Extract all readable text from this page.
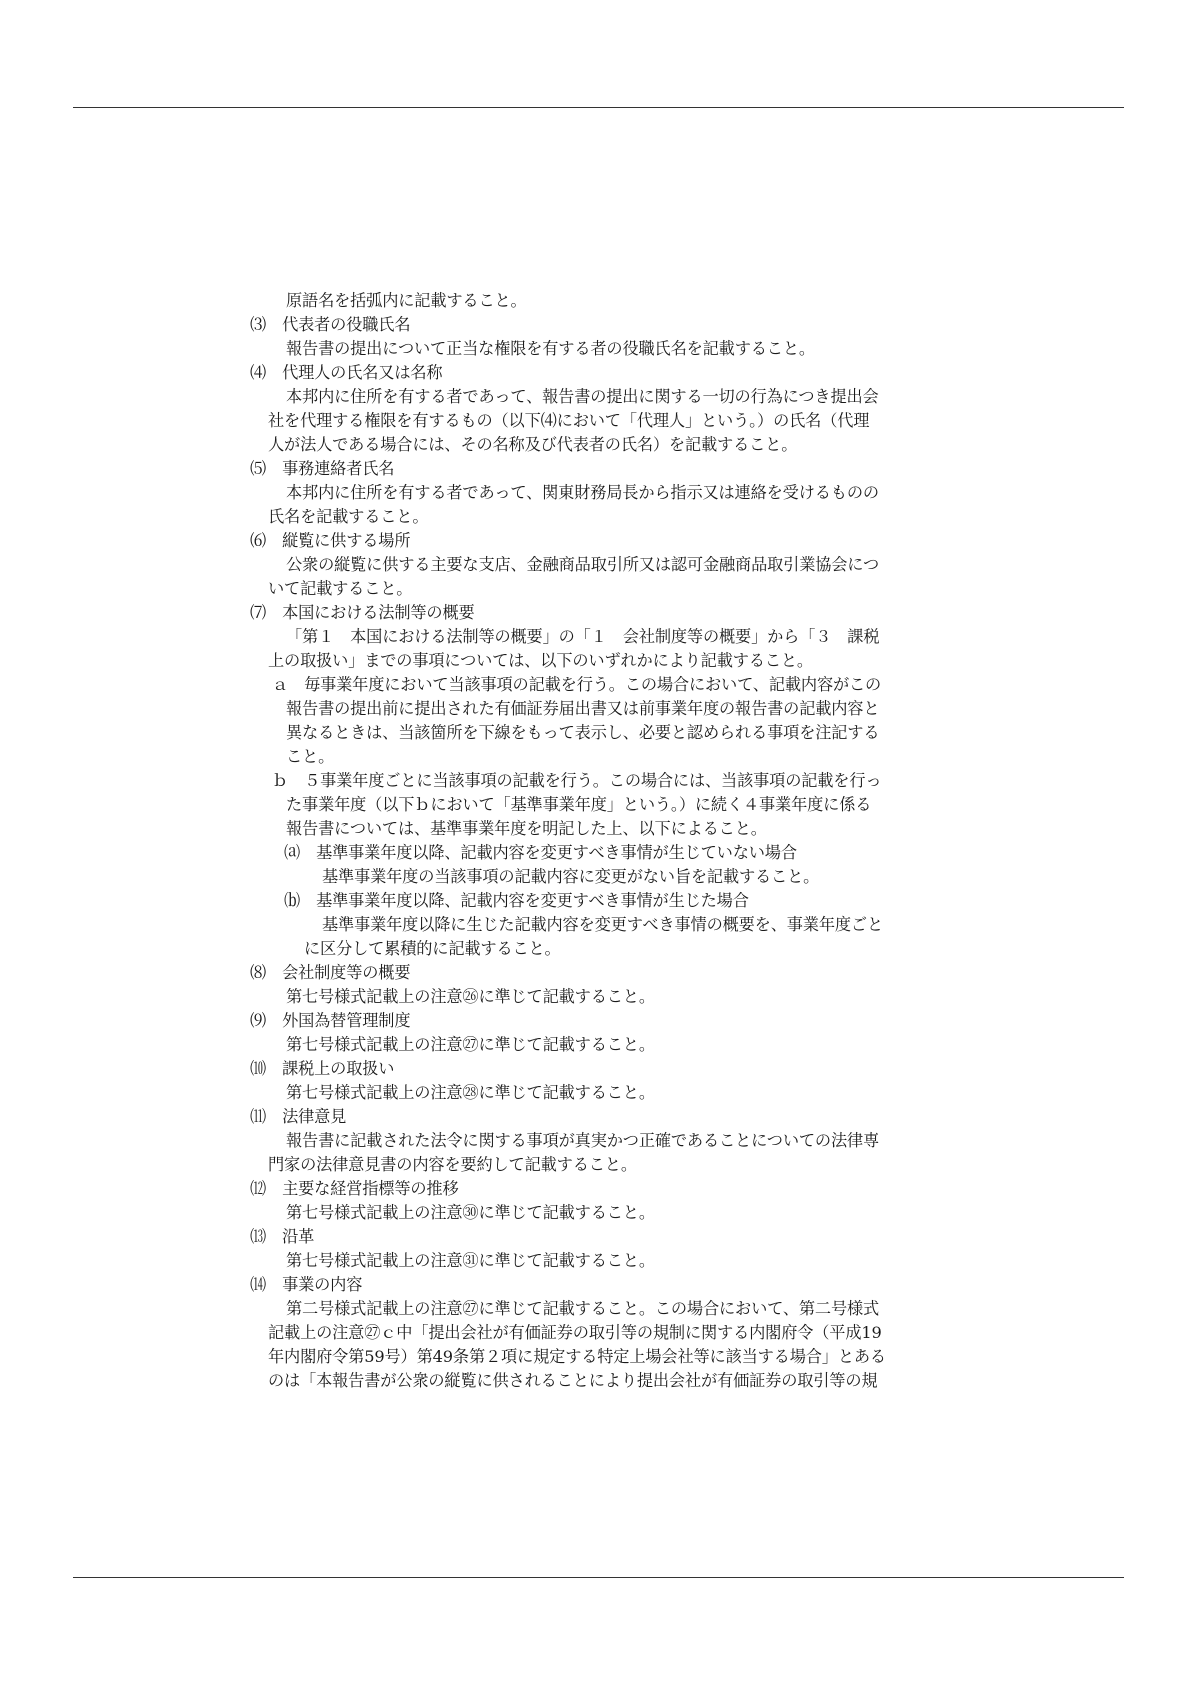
原語名を括弧内に記載すること。
⑶　代表者の役職氏名
報告書の提出について正当な権限を有する者の役職氏名を記載すること。
⑷　代理人の氏名又は名称
本邦内に住所を有する者であって、報告書の提出に関する一切の行為につき提出会
社を代理する権限を有するもの（以下⑷において「代理人」という。）の氏名（代理
人が法人である場合には、その名称及び代表者の氏名）を記載すること。
⑸　事務連絡者氏名
本邦内に住所を有する者であって、関東財務局長から指示又は連絡を受けるものの
氏名を記載すること。
⑹　縦覧に供する場所
公衆の縦覧に供する主要な支店、金融商品取引所又は認可金融商品取引業協会につ
いて記載すること。
⑺　本国における法制等の概要
「第１　本国における法制等の概要」の「１　会社制度等の概要」から「３　課税
上の取扱い」までの事項については、以下のいずれかにより記載すること。
ａ　毎事業年度において当該事項の記載を行う。この場合において、記載内容がこの
報告書の提出前に提出された有価証券届出書又は前事業年度の報告書の記載内容と
異なるときは、当該箇所を下線をもって表示し、必要と認められる事項を注記する
こと。
ｂ　５事業年度ごとに当該事項の記載を行う。この場合には、当該事項の記載を行っ
た事業年度（以下ｂにおいて「基準事業年度」という。）に続く４事業年度に係る
報告書については、基準事業年度を明記した上、以下によること。
⒜　基準事業年度以降、記載内容を変更すべき事情が生じていない場合
基準事業年度の当該事項の記載内容に変更がない旨を記載すること。
⒝　基準事業年度以降、記載内容を変更すべき事情が生じた場合
基準事業年度以降に生じた記載内容を変更すべき事情の概要を、事業年度ごと
に区分して累積的に記載すること。
⑻　会社制度等の概要
第七号様式記載上の注意㉖に準じて記載すること。
⑼　外国為替管理制度
第七号様式記載上の注意㉗に準じて記載すること。
⑽　課税上の取扱い
第七号様式記載上の注意㉘に準じて記載すること。
⑾　法律意見
報告書に記載された法令に関する事項が真実かつ正確であることについての法律専
門家の法律意見書の内容を要約して記載すること。
⑿　主要な経営指標等の推移
第七号様式記載上の注意㉚に準じて記載すること。
⒀　沿革
第七号様式記載上の注意㉛に準じて記載すること。
⒁　事業の内容
第二号様式記載上の注意㉗に準じて記載すること。この場合において、第二号様式
記載上の注意㉗ｃ中「提出会社が有価証券の取引等の規制に関する内閣府令（平成19
年内閣府令第59号）第49条第２項に規定する特定上場会社等に該当する場合」とある
のは「本報告書が公衆の縦覧に供されることにより提出会社が有価証券の取引等の規
